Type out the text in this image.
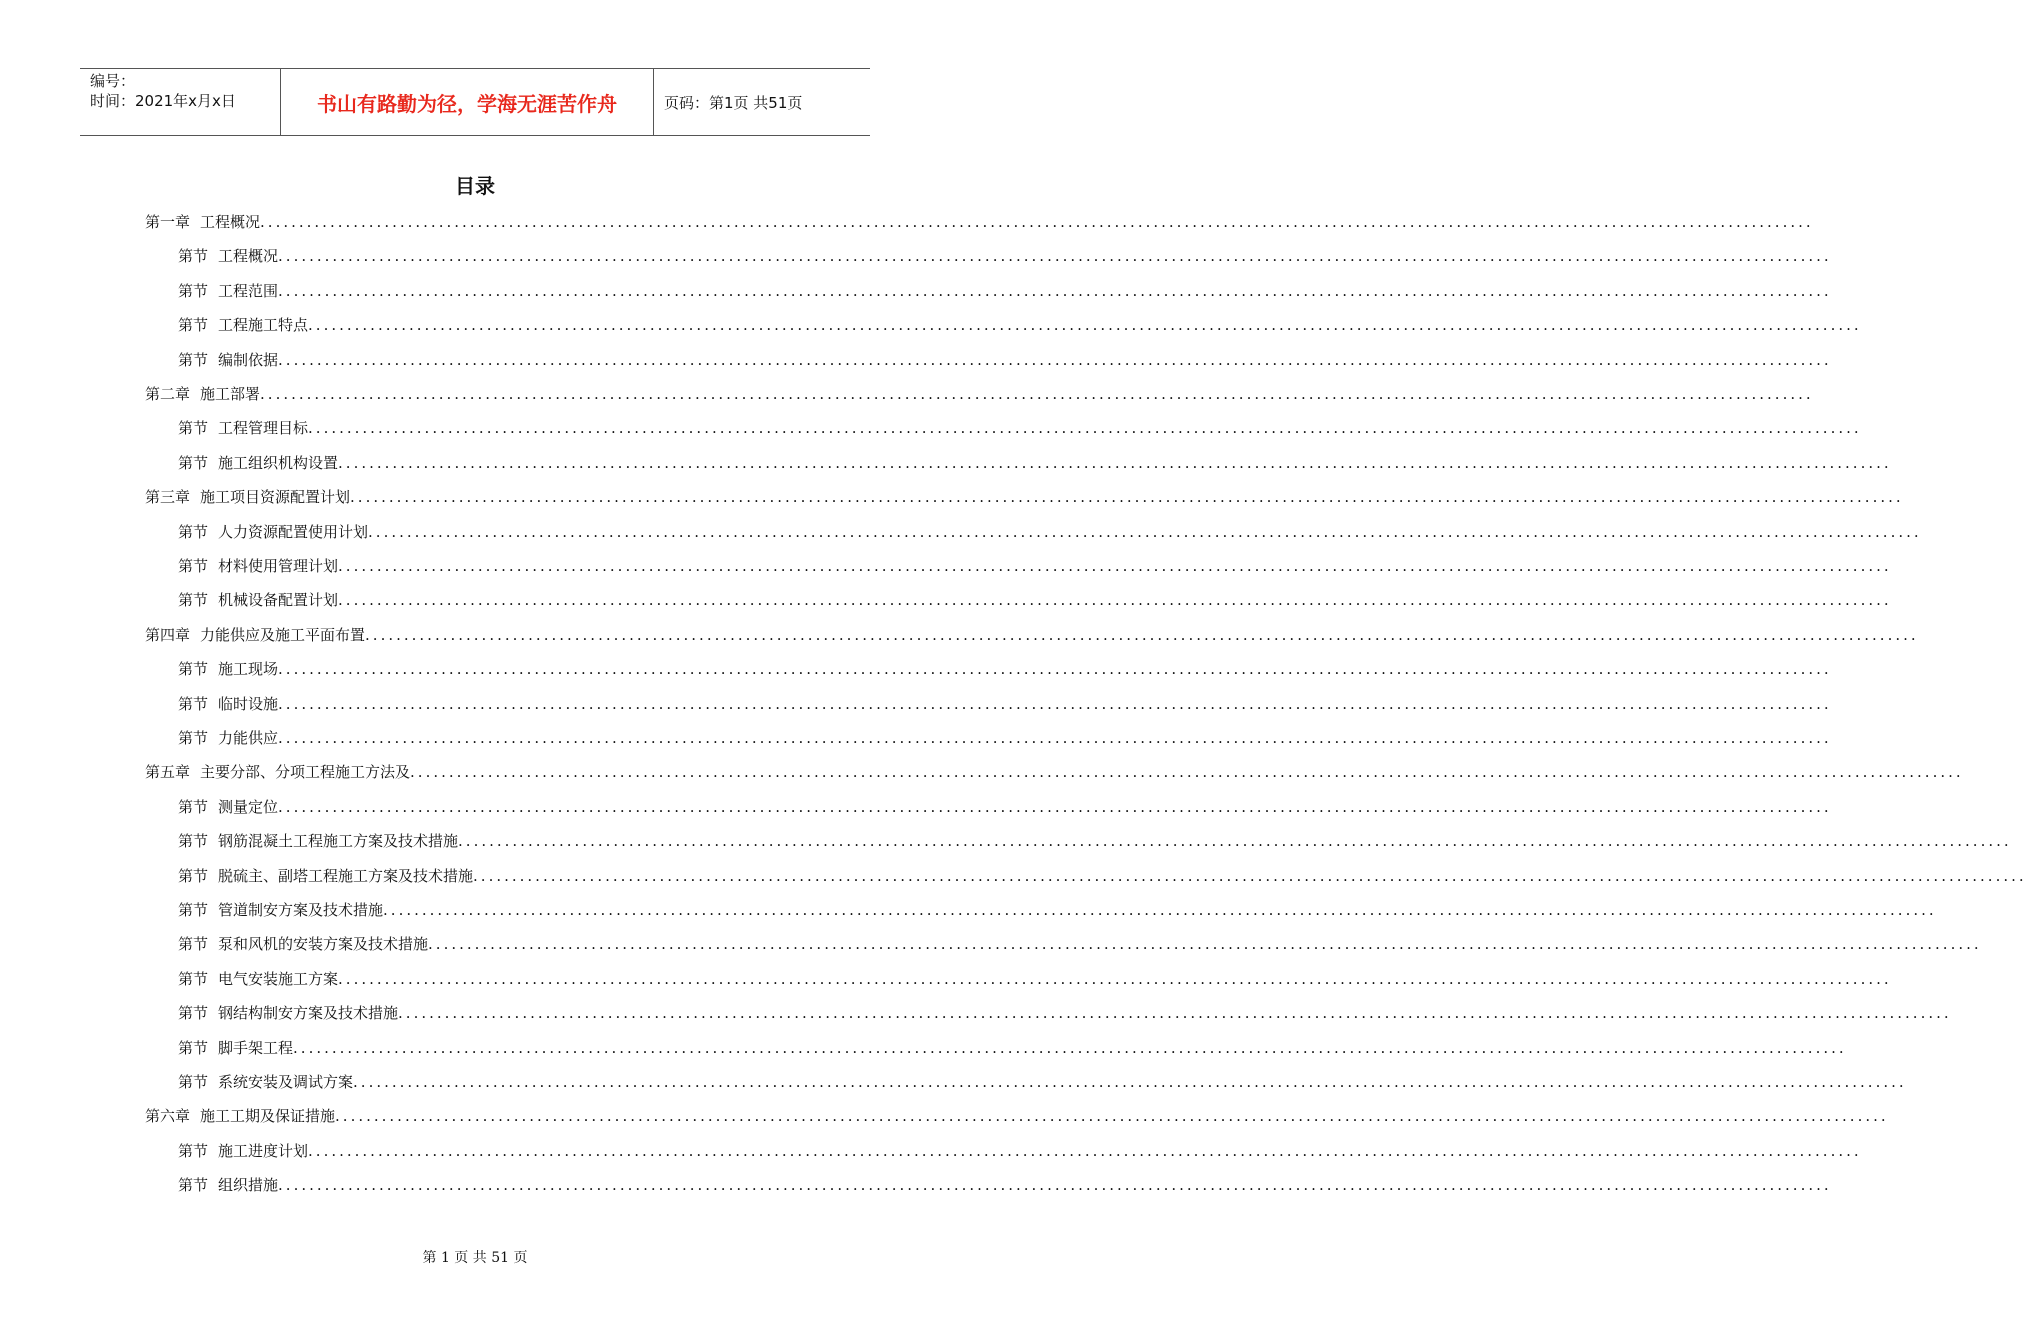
编号：
时间：2021年x月x日	书山有路勤为径，学海无涯苦作舟	页码：第1页 共51页
目录
第一章 工程概况 ........................................................................................................................................................................................................
第节 工程概况 ........................................................................................................................................................................................................
第节 工程范围 ........................................................................................................................................................................................................
第节 工程施工特点 ........................................................................................................................................................................................................
第节 编制依据 ........................................................................................................................................................................................................
第二章 施工部署 ........................................................................................................................................................................................................
第节 工程管理目标 ........................................................................................................................................................................................................
第节 施工组织机构设置 ........................................................................................................................................................................................................
第三章 施工项目资源配置计划 ........................................................................................................................................................................................................
第节 人力资源配置使用计划 ........................................................................................................................................................................................................
第节 材料使用管理计划 ........................................................................................................................................................................................................
第节 机械设备配置计划 ........................................................................................................................................................................................................
第四章 力能供应及施工平面布置 ........................................................................................................................................................................................................
第节 施工现场 ........................................................................................................................................................................................................
第节 临时设施 ........................................................................................................................................................................................................
第节 力能供应 ........................................................................................................................................................................................................
第五章 主要分部、分项工程施工方法及 ........................................................................................................................................................................................................
第节 测量定位 ........................................................................................................................................................................................................
第节 钢筋混凝土工程施工方案及技术措施 ........................................................................................................................................................................................................
第节 脱硫主、副塔工程施工方案及技术措施 ........................................................................................................................................................................................................
第节 管道制安方案及技术措施 ........................................................................................................................................................................................................
第节 泵和风机的安装方案及技术措施 ........................................................................................................................................................................................................
第节 电气安装施工方案 ........................................................................................................................................................................................................
第节 钢结构制安方案及技术措施 ........................................................................................................................................................................................................
第节 脚手架工程 ........................................................................................................................................................................................................
第节 系统安装及调试方案 ........................................................................................................................................................................................................
第六章 施工工期及保证措施 ........................................................................................................................................................................................................
第节 施工进度计划 ........................................................................................................................................................................................................
第节 组织措施 ........................................................................................................................................................................................................
第 1 页 共 51 页
